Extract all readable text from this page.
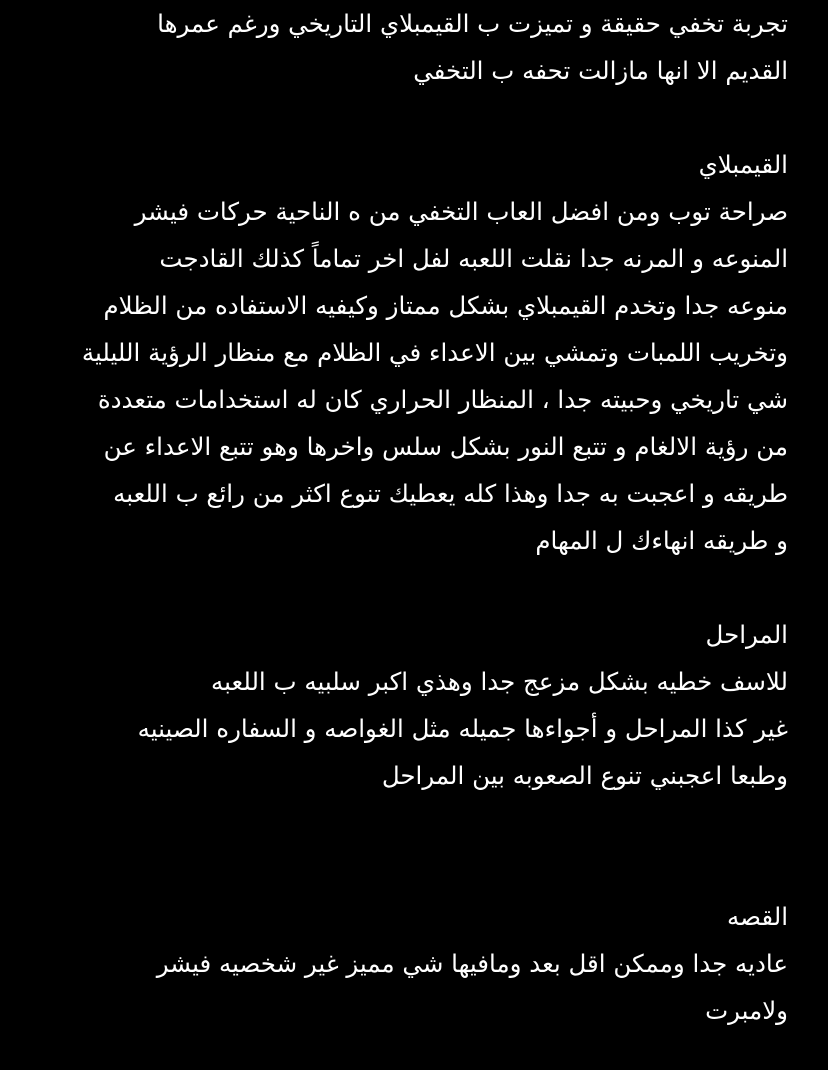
تجربة تخفي حقيقة و تميزت ب القيمبلاي التاريخي ورغم عمرها
القديم الا انها مازالت تحفه ب التخفي
القيمبلاي
صراحة توب ومن افضل العاب التخفي من ه الناحية حركات فيشر
المنوعه و المرنه جدا نقلت اللعبه لفل اخر تماماً كذلك القادجت
منوعه جدا وتخدم القيمبلاي بشكل ممتاز وكيفيه الاستفاده من الظلام
وتخريب اللمبات وتمشي بين الاعداء في الظلام مع منظار الرؤية الليلية
شي تاريخي وحبيته جدا ، المنظار الحراري كان له استخدامات متعددة
من رؤية الالغام و تتبع النور بشكل سلس واخرها وهو تتبع الاعداء عن
طريقه و اعجبت به جدا وهذا كله يعطيك تنوع اكثر من رائع ب اللعبه
و طريقه انهاءك ل المهام
المراحل
للاسف خطيه بشكل مزعج جدا وهذي اكبر سلبيه ب اللعبه
غير كذا المراحل و أجواءها جميله مثل الغواصه و السفاره الصينيه
وطبعا اعجبني تنوع الصعوبه بين المراحل
القصه
عاديه جدا وممكن اقل بعد ومافيها شي مميز غير شخصيه فيشر
ولامبرت
